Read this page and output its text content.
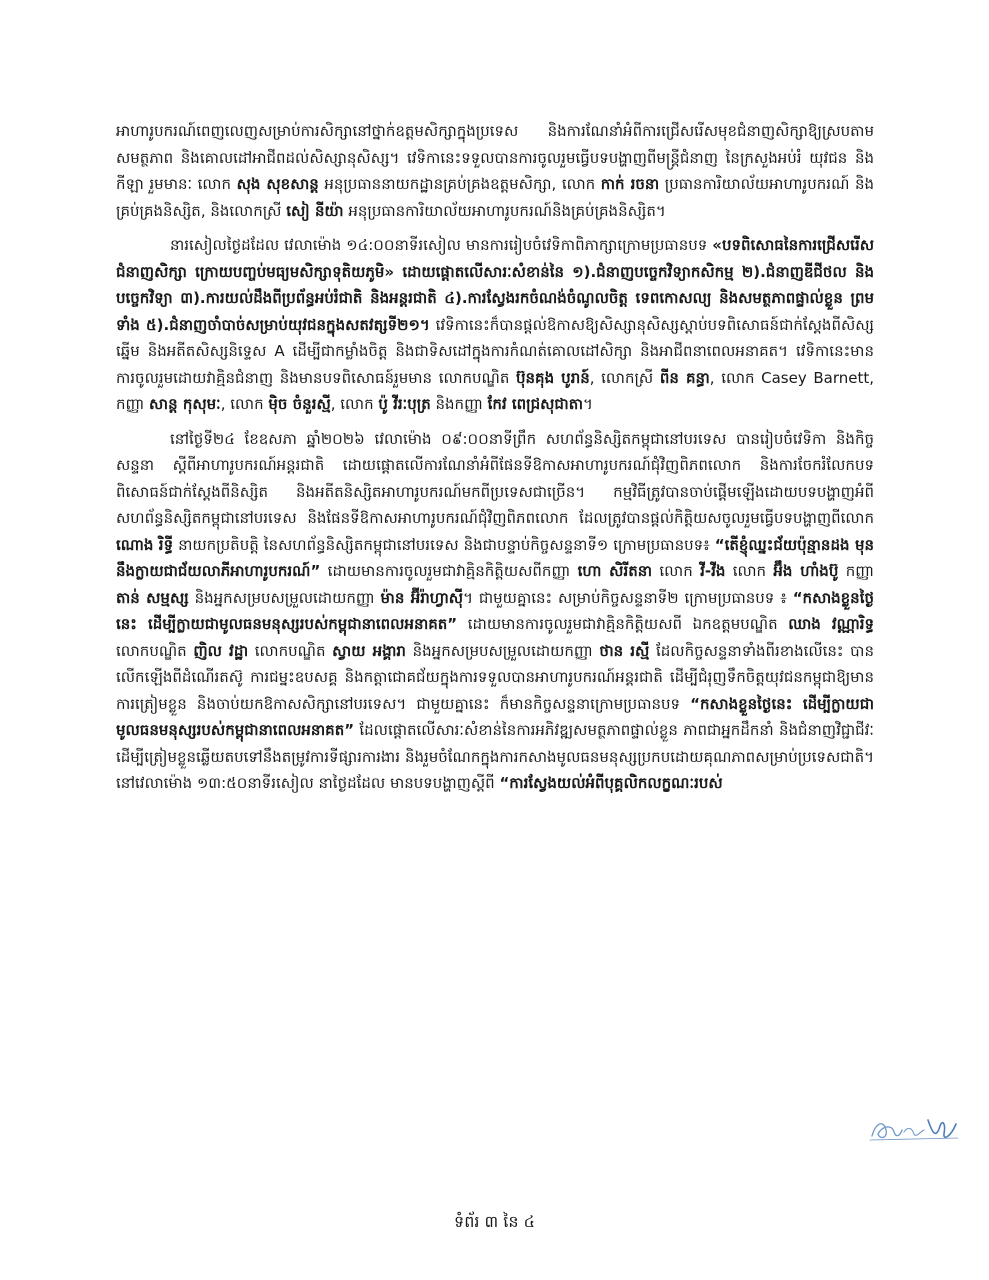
អាហារូបករណ៍ពេញលេញសម្រាប់ការសិក្សានៅថ្នាក់ឧត្តមសិក្សាក្នុងប្រទេស និងការណែនាំអំពីការជ្រើសរើសមុខជំនាញសិក្សាឱ្យស្របតាមសមត្ថភាព និងគោលដៅអាជីពដល់សិស្សានុសិស្ស។ វេទិកានេះទទួលបានការចូលរួមធ្វើបទបង្ហាញពីមន្រ្តីជំនាញ នៃក្រសួងអប់រំ យុវជន និងកីឡា រួមមានៈ លោក សុង សុខសាន្ត អនុប្រធាននាយកដ្ឋានគ្រប់គ្រងឧត្តមសិក្សា, លោក កាក់ រចនា ប្រធានការិយាល័យអាហារូបករណ៍ និងគ្រប់គ្រងនិស្សិត, និងលោកស្រី សៀ នីយ៉ា អនុប្រធានការិយាល័យអាហារូបករណ៍និងគ្រប់គ្រងនិស្សិត។

នារសៀលថ្ងៃដដែល វេលាម៉ោង ១៤:០០នាទីរសៀល មានការរៀបចំវេទិកាពិភាក្សាក្រោមប្រធានបទ «បទពិសោធនៃការជ្រើសរើសជំនាញសិក្សា ក្រោយបញ្ចប់មធ្យមសិក្សាទុតិយភូមិ» ដោយផ្តោតលើសារៈសំខាន់នៃ ១).ជំនាញបច្ចេកវិទ្យាកសិកម្ម ២).ជំនាញឌីជីថល និងបច្ចេកវិទ្យា ៣).ការយល់ដឹងពីប្រព័ន្ធអប់រំជាតិ និងអន្តរជាតិ ៤).ការស្វែងរកចំណង់ចំណូលចិត្ត ទេពកោសល្យ និងសមត្ថភាពផ្ទាល់ខ្លួន ព្រមទាំង ៥).ជំនាញចាំបាច់សម្រាប់យុវជនក្នុងសតវត្សទី២១។ វេទិកានេះក៏បានផ្តល់ឱកាសឱ្យសិស្សានុសិស្សស្តាប់បទពិសោធន៍ជាក់ស្តែងពីសិស្សឆ្នើម និងអតីតសិស្សនិទ្ទេស A ដើម្បីជាកម្លាំងចិត្ត និងជាទិសដៅក្នុងការកំណត់គោលដៅសិក្សា និងអាជីពនាពេលអនាគត។ វេទិកានេះមានការចូលរួមដោយវាគ្មិនជំនាញ និងមានបទពិសោធន៍រួមមាន លោកបណ្ឌិត ប៊ុនគុង បូរាន៍, លោកស្រី ពីន គន្ធា, លោក Casey Barnett, កញ្ញា សាន្ត កុសុមៈ, លោក ម៉ិច ចំនួរស្មី, លោក ប៉ូ វីរៈបុត្រ និងកញ្ញា កែវ ពេជ្រសុជាតា។

នៅថ្ងៃទី២៤ ខែឧសភា ឆ្នាំ២០២៦ វេលាម៉ោង ០៩:០០នាទីព្រឹក សហព័ន្ធនិស្សិតកម្ពុជានៅបរទេស បានរៀបចំវេទិកា និងកិច្ចសន្ទនា ស្តីពីអាហារូបករណ៍អន្តរជាតិ ដោយផ្តោតលើការណែនាំអំពីផែនទីឱកាសអាហារូបករណ៍ជុំវិញពិភពលោក និងការចែករំលែកបទពិសោធន៍ជាក់ស្តែងពីនិស្សិត និងអតីតនិស្សិតអាហារូបករណ៍មកពីប្រទេសជាច្រើន។ កម្មវិធីត្រូវបានចាប់ផ្តើមឡើងដោយបទបង្ហាញអំពី សហព័ន្ធនិស្សិតកម្ពុជានៅបរទេស និងផែនទីឱកាសអាហារូបករណ៍ជុំវិញពិភពលោក ដែលត្រូវបានផ្តល់កិត្តិយសចូលរួមធ្វើបទបង្ហាញពីលោក ណោង រិទ្ធី នាយកប្រតិបត្តិ នៃសហព័ន្ធនិស្សិតកម្ពុជានៅបរទេស និងជាបន្ទាប់កិច្ចសន្ទនាទី១ ក្រោមប្រធានបទ៖ “តើខ្ញុំឈ្នះជ័យប៉ុន្មានដង មុននឹងក្លាយជាជ័យលាភីអាហារូបករណ៍” ដោយមានការចូលរួមជាវាគ្មិនកិត្តិយសពីកញ្ញា ហោ សិរីតនា លោក វី-វីង លោក អ៊ឹង ហាំងប៊ូ កញ្ញា តាន់ សម្មស្ស និងអ្នកសម្របសម្រួលដោយកញ្ញា ម៉ាន អ៊ីរ៉ាហ្វាស៊ី។ ជាមួយគ្នានេះ សម្រាប់កិច្ចសន្ទនាទី២ ក្រោមប្រធានបទ ៖ “កសាងខ្លួនថ្ងៃនេះ ដើម្បីក្លាយជាមូលធនមនុស្សរបស់កម្ពុជានាពេលអនាគត” ដោយមានការចូលរួមជាវាគ្មិនកិត្តិយសពី ឯកឧត្តមបណ្ឌិត ឈាង វណ្ណារិទ្ធ លោកបណ្ឌិត ញិល វដ្ឋា លោកបណ្ឌិត ស្វាយ អង្គារា និងអ្នកសម្របសម្រួលដោយកញ្ញា ថាន រស្មី ដែលកិច្ចសន្ទនាទាំងពីរខាងលើនេះ បានលើកឡើងពីដំណើរតស៊ូ ការជម្នះឧបសគ្គ និងកត្តាជោគជ័យក្នុងការទទួលបានអាហារូបករណ៍អន្តរជាតិ ដើម្បីជំរុញទឹកចិត្តយុវជនកម្ពុជាឱ្យមានការត្រៀមខ្លួន និងចាប់យកឱកាសសិក្សានៅបរទេស។ ជាមួយគ្នានេះ ក៏មានកិច្ចសន្ទនាក្រោមប្រធានបទ “កសាងខ្លួនថ្ងៃនេះ ដើម្បីក្លាយជាមូលធនមនុស្សរបស់កម្ពុជានាពេលអនាគត” ដែលផ្តោតលើសារៈសំខាន់នៃការអភិវឌ្ឍសមត្ថភាពផ្ទាល់ខ្លួន ភាពជាអ្នកដឹកនាំ និងជំនាញវិជ្ជាជីវៈ ដើម្បីត្រៀមខ្លួនឆ្លើយតបទៅនឹងតម្រូវការទីផ្សារការងារ និងរួមចំណែកក្នុងការកសាងមូលធនមនុស្សប្រកបដោយគុណភាពសម្រាប់ប្រទេសជាតិ។ នៅវេលាម៉ោង ១៣:៥០នាទីរសៀល នាថ្ងៃដដែល មានបទបង្ហាញស្តីពី “ការស្វែងយល់អំពីបុគ្គលិកលក្ខណៈរបស់

ទំព័រ ៣ នៃ ៤
